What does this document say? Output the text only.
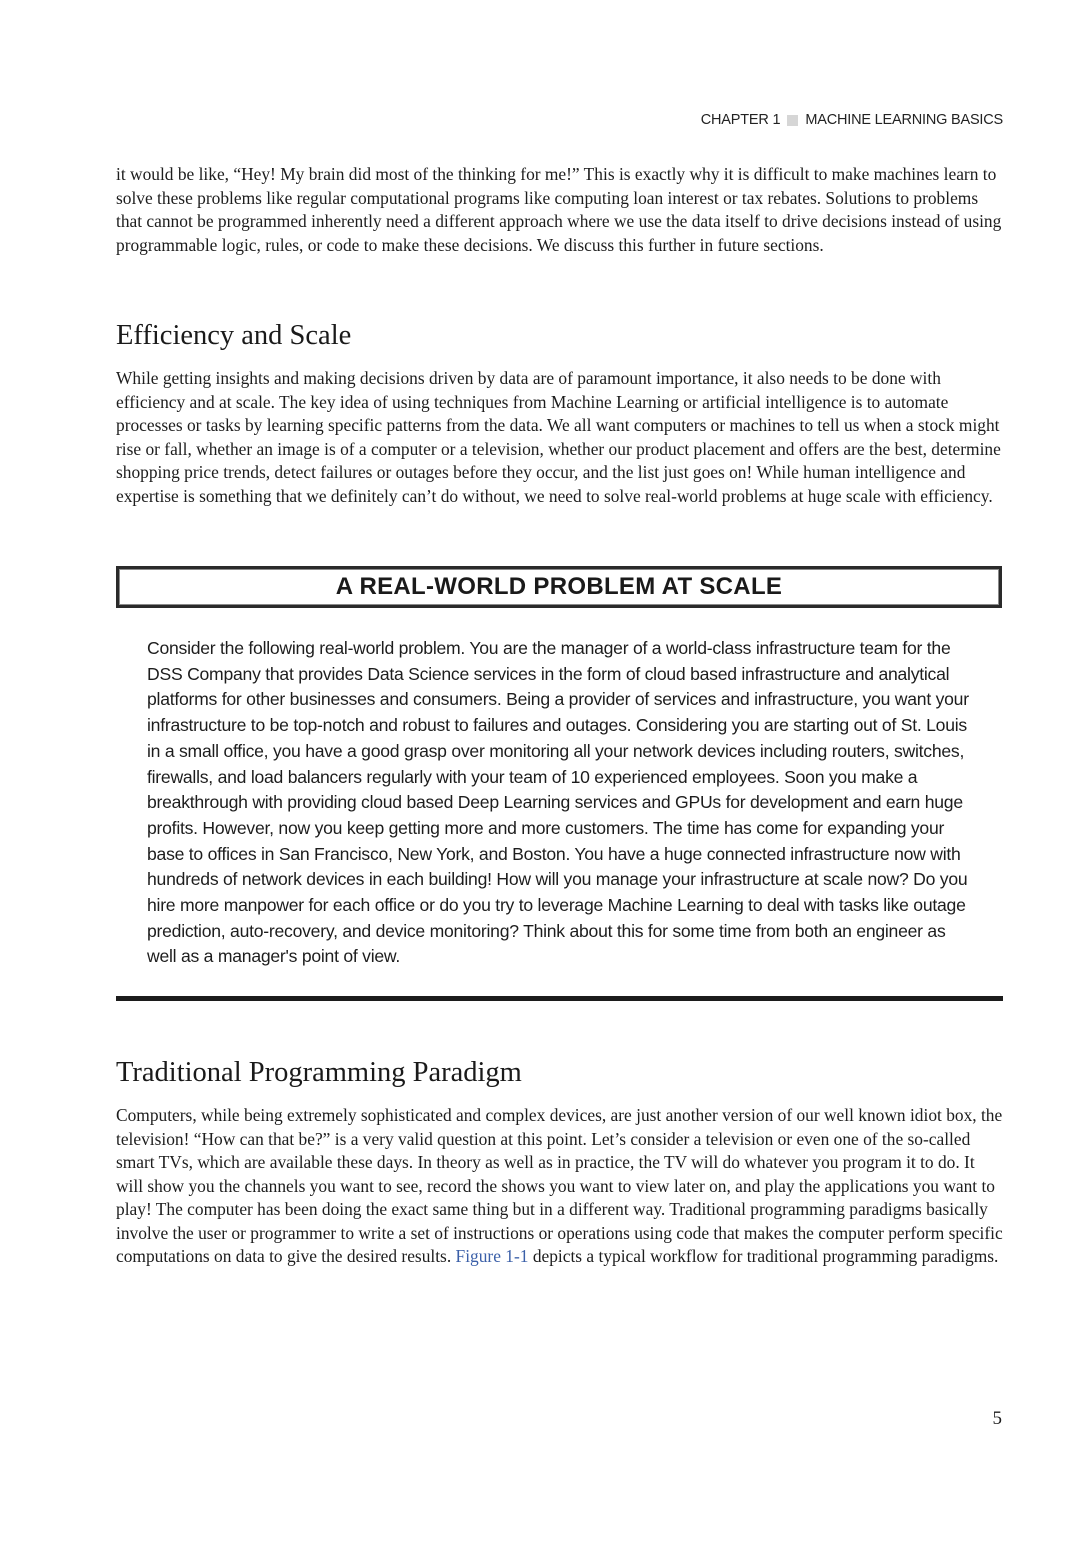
CHAPTER 1 MACHINE LEARNING BASICS

it would be like, “Hey! My brain did most of the thinking for me!” This is exactly why it is difficult to make machines learn to solve these problems like regular computational programs like computing loan interest or tax rebates. Solutions to problems that cannot be programmed inherently need a different approach where we use the data itself to drive decisions instead of using programmable logic, rules, or code to make these decisions. We discuss this further in future sections.

Efficiency and Scale

While getting insights and making decisions driven by data are of paramount importance, it also needs to be done with efficiency and at scale. The key idea of using techniques from Machine Learning or artificial intelligence is to automate processes or tasks by learning specific patterns from the data. We all want computers or machines to tell us when a stock might rise or fall, whether an image is of a computer or a television, whether our product placement and offers are the best, determine shopping price trends, detect failures or outages before they occur, and the list just goes on! While human intelligence and expertise is something that we definitely can’t do without, we need to solve real-world problems at huge scale with efficiency.

A REAL-WORLD PROBLEM AT SCALE

Consider the following real-world problem. You are the manager of a world-class infrastructure team for the DSS Company that provides Data Science services in the form of cloud based infrastructure and analytical platforms for other businesses and consumers. Being a provider of services and infrastructure, you want your infrastructure to be top-notch and robust to failures and outages. Considering you are starting out of St. Louis in a small office, you have a good grasp over monitoring all your network devices including routers, switches, firewalls, and load balancers regularly with your team of 10 experienced employees. Soon you make a breakthrough with providing cloud based Deep Learning services and GPUs for development and earn huge profits. However, now you keep getting more and more customers. The time has come for expanding your base to offices in San Francisco, New York, and Boston. You have a huge connected infrastructure now with hundreds of network devices in each building! How will you manage your infrastructure at scale now? Do you hire more manpower for each office or do you try to leverage Machine Learning to deal with tasks like outage prediction, auto-recovery, and device monitoring? Think about this for some time from both an engineer as well as a manager's point of view.

Traditional Programming Paradigm

Computers, while being extremely sophisticated and complex devices, are just another version of our well known idiot box, the television! “How can that be?” is a very valid question at this point. Let’s consider a television or even one of the so-called smart TVs, which are available these days. In theory as well as in practice, the TV will do whatever you program it to do. It will show you the channels you want to see, record the shows you want to view later on, and play the applications you want to play! The computer has been doing the exact same thing but in a different way. Traditional programming paradigms basically involve the user or programmer to write a set of instructions or operations using code that makes the computer perform specific computations on data to give the desired results. Figure 1-1 depicts a typical workflow for traditional programming paradigms.

5
